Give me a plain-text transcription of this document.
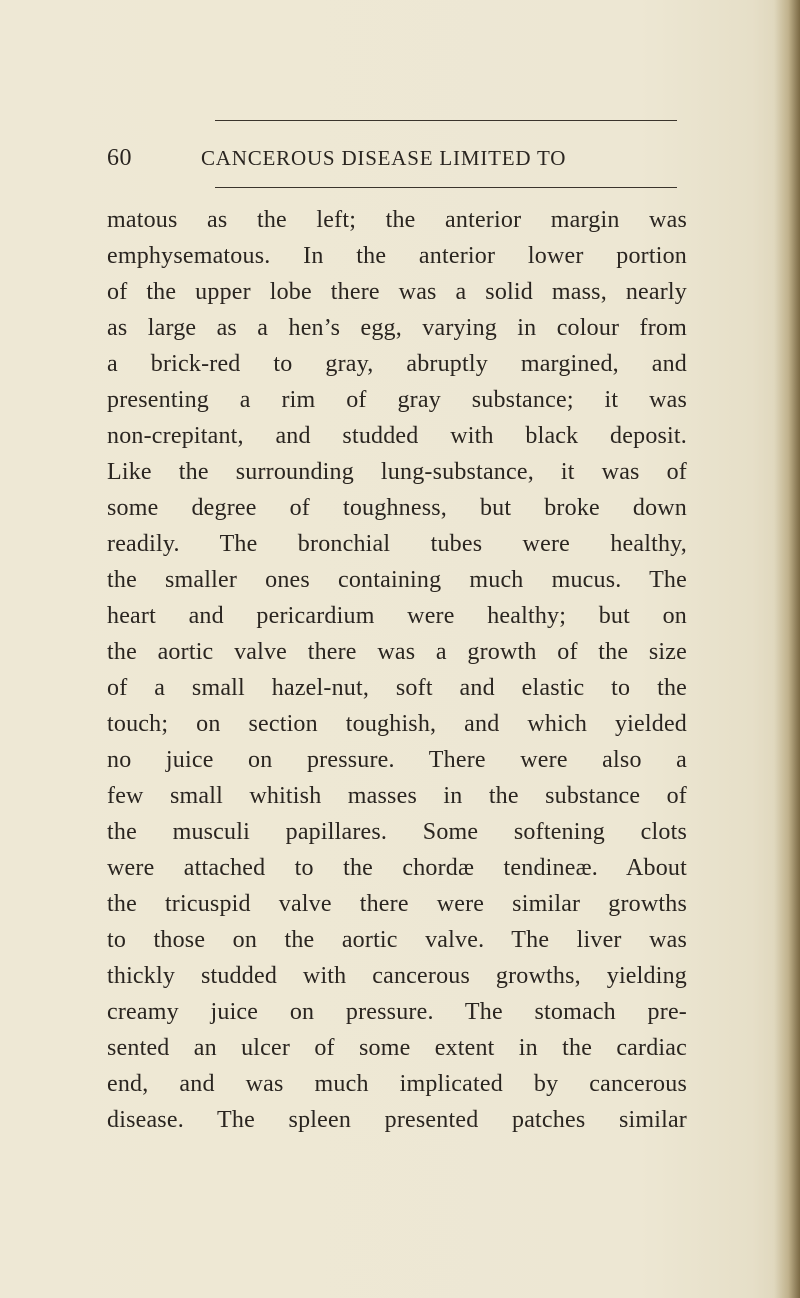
60	CANCEROUS DISEASE LIMITED TO
matous as the left; the anterior margin was
emphysematous. In the anterior lower portion
of the upper lobe there was a solid mass, nearly
as large as a hen’s egg, varying in colour from
a brick-red to gray, abruptly margined, and
presenting a rim of gray substance; it was
non-crepitant, and studded with black deposit.
Like the surrounding lung-substance, it was of
some degree of toughness, but broke down
readily. The bronchial tubes were healthy,
the smaller ones containing much mucus. The
heart and pericardium were healthy; but on
the aortic valve there was a growth of the size
of a small hazel-nut, soft and elastic to the
touch; on section toughish, and which yielded
no juice on pressure. There were also a
few small whitish masses in the substance of
the musculi papillares. Some softening clots
were attached to the chordæ tendineæ. About
the tricuspid valve there were similar growths
to those on the aortic valve. The liver was
thickly studded with cancerous growths, yielding
creamy juice on pressure. The stomach pre-
sented an ulcer of some extent in the cardiac
end, and was much implicated by cancerous
disease. The spleen presented patches similar
